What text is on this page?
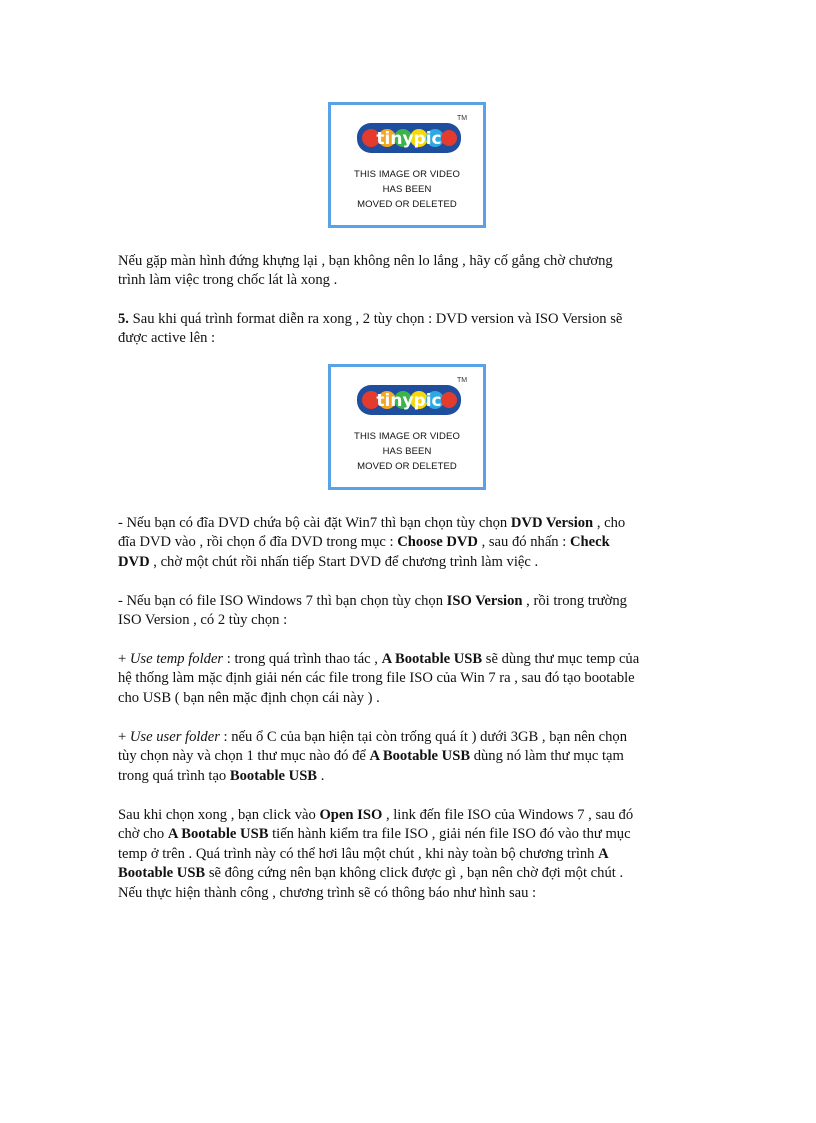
tinypic
TM
THIS IMAGE OR VIDEO
HAS BEEN
MOVED OR DELETED
Nếu gặp màn hình đứng khựng lại , bạn không nên lo lắng , hãy cố gắng chờ chương
trình làm việc trong chốc lát là xong .
5. Sau khi quá trình format diễn ra xong , 2 tùy chọn : DVD version và ISO Version sẽ
được active lên :
tinypic
TM
THIS IMAGE OR VIDEO
HAS BEEN
MOVED OR DELETED
- Nếu bạn có đĩa DVD chứa bộ cài đặt Win7 thì bạn chọn tùy chọn DVD Version , cho
đĩa DVD vào , rồi chọn ổ đĩa DVD trong mục : Choose DVD , sau đó nhấn : Check
DVD , chờ một chút rồi nhấn tiếp Start DVD để chương trình làm việc .
- Nếu bạn có file ISO Windows 7 thì bạn chọn tùy chọn ISO Version , rồi trong trường
ISO Version , có 2 tùy chọn :
+ Use temp folder : trong quá trình thao tác , A Bootable USB sẽ dùng thư mục temp của
hệ thống làm mặc định giải nén các file trong file ISO của Win 7 ra , sau đó tạo bootable
cho USB ( bạn nên mặc định chọn cái này ) .
+ Use user folder : nếu ổ C của bạn hiện tại còn trống quá ít ) dưới 3GB , bạn nên chọn
tùy chọn này và chọn 1 thư mục nào đó để A Bootable USB dùng nó làm thư mục tạm
trong quá trình tạo Bootable USB .
Sau khi chọn xong , bạn click vào Open ISO , link đến file ISO của Windows 7 , sau đó
chờ cho A Bootable USB tiến hành kiểm tra file ISO , giải nén file ISO đó vào thư mục
temp ở trên . Quá trình này có thể hơi lâu một chút , khi này toàn bộ chương trình A
Bootable USB sẽ đông cứng nên bạn không click được gì , bạn nên chờ đợi một chút .
Nếu thực hiện thành công , chương trình sẽ có thông báo như hình sau :
